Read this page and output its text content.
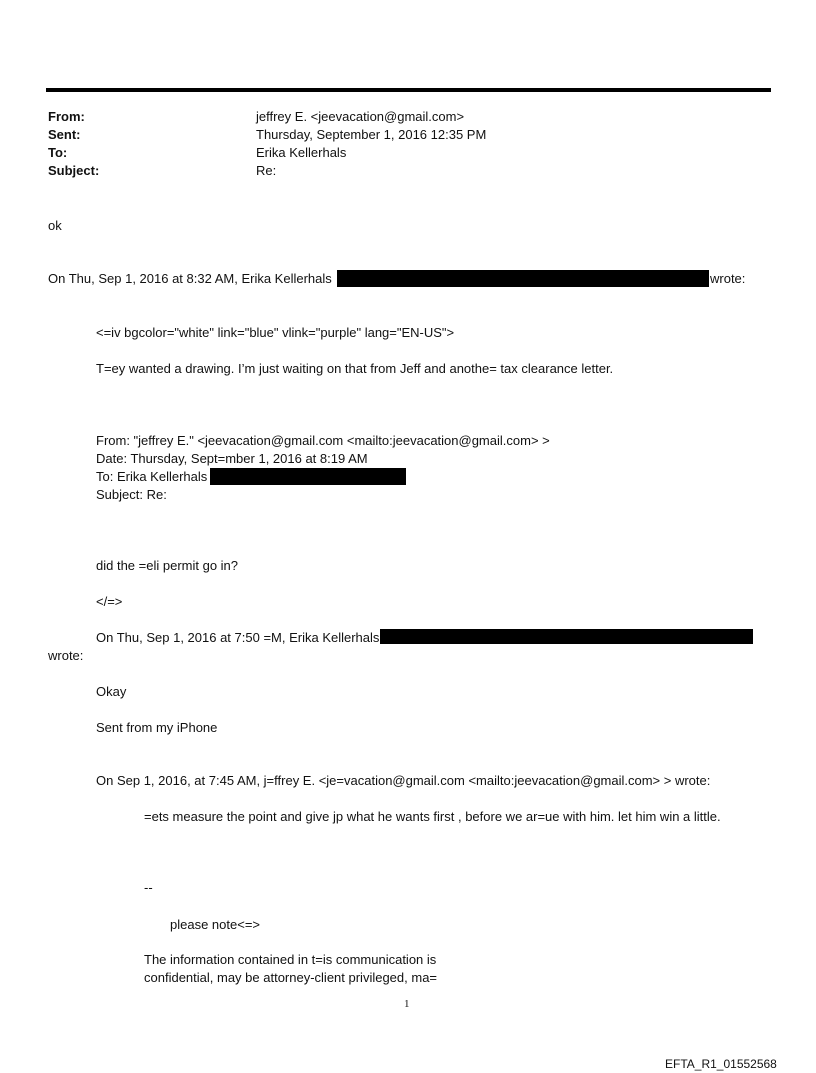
From:	jeffrey E. <jeevacation@gmail.com>
Sent:	Thursday, September 1, 2016 12:35 PM
To:	Erika Kellerhals
Subject:	Re:
ok
On Thu, Sep 1, 2016 at 8:32 AM, Erika Kellerhals	wrote:
<=iv bgcolor="white" link="blue" vlink="purple" lang="EN-US">
T=ey wanted a drawing. I’m just waiting on that from Jeff and anothe= tax clearance letter.
From: "jeffrey E." <jeevacation@gmail.com <mailto:jeevacation@gmail.com> >
Date: Thursday, Sept=mber 1, 2016 at 8:19 AM
To: Erika Kellerhals
Subject: Re:
did the =eli permit go in?
</=>
On Thu, Sep 1, 2016 at 7:50 =M, Erika Kellerhals
wrote:
Okay
Sent from my iPhone
On Sep 1, 2016, at 7:45 AM, j=ffrey E. <je=vacation@gmail.com <mailto:jeevacation@gmail.com> > wrote:
=ets measure the point and give jp what he wants first , before we ar=ue with him. let him win a little.
--
please note<=>
The information contained in t=is communication is
confidential, may be attorney-client privileged, ma=
1
EFTA_R1_01552568
